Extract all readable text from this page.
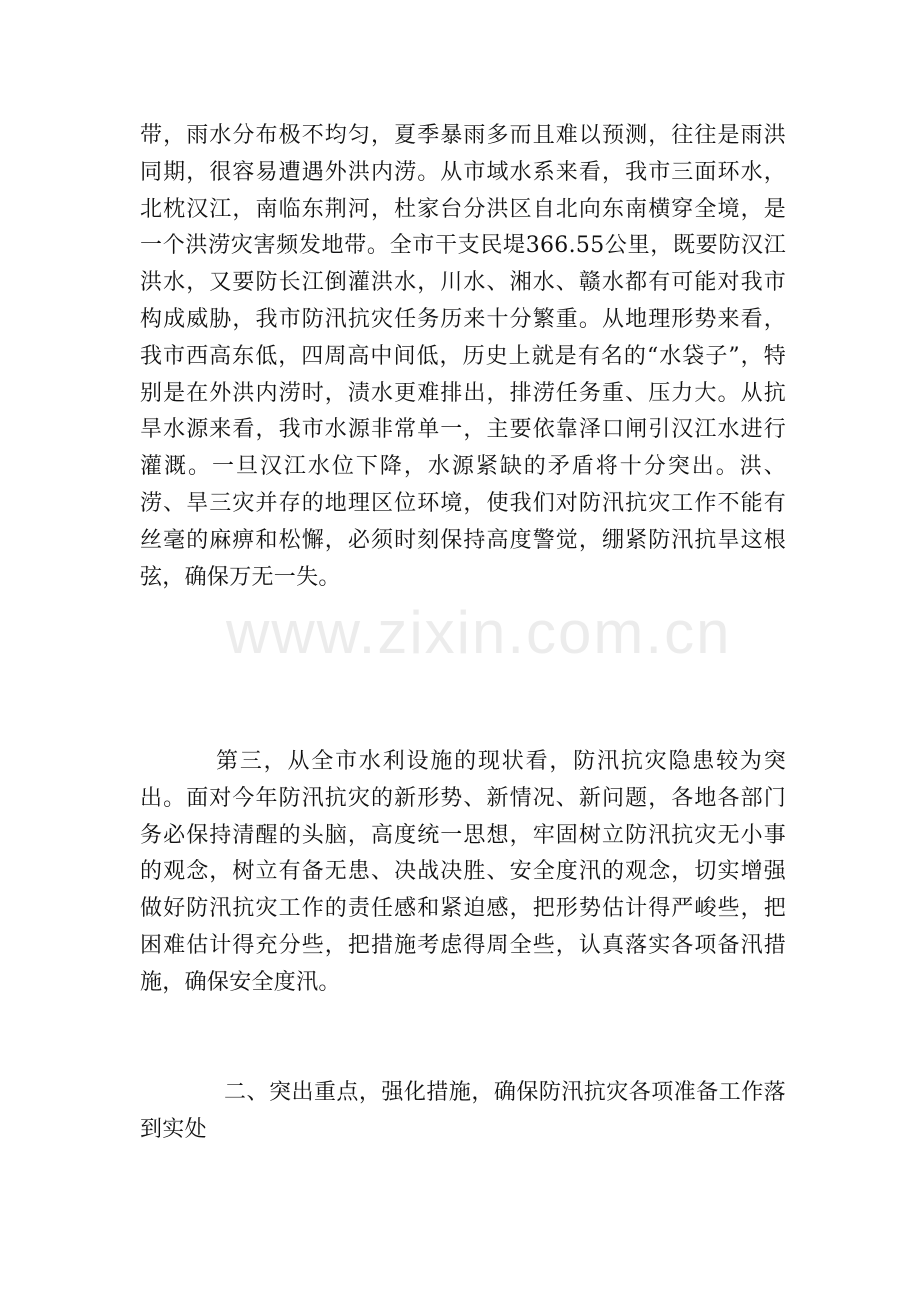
带，雨水分布极不均匀，夏季暴雨多而且难以预测，往往是雨洪同期，很容易遭遇外洪内涝。从市域水系来看，我市三面环水，北枕汉江，南临东荆河，杜家台分洪区自北向东南横穿全境，是一个洪涝灾害频发地带。全市干支民堤366.55公里，既要防汉江洪水，又要防长江倒灌洪水，川水、湘水、赣水都有可能对我市构成威胁，我市防汛抗灾任务历来十分繁重。从地理形势来看，我市西高东低，四周高中间低，历史上就是有名的“水袋子”，特别是在外洪内涝时，渍水更难排出，排涝任务重、压力大。从抗旱水源来看，我市水源非常单一，主要依靠泽口闸引汉江水进行灌溉。一旦汉江水位下降，水源紧缺的矛盾将十分突出。洪、涝、旱三灾并存的地理区位环境，使我们对防汛抗灾工作不能有丝毫的麻痹和松懈，必须时刻保持高度警觉，绷紧防汛抗旱这根弦，确保万无一失。

第三，从全市水利设施的现状看，防汛抗灾隐患较为突出。面对今年防汛抗灾的新形势、新情况、新问题，各地各部门务必保持清醒的头脑，高度统一思想，牢固树立防汛抗灾无小事的观念，树立有备无患、决战决胜、安全度汛的观念，切实增强做好防汛抗灾工作的责任感和紧迫感，把形势估计得严峻些，把困难估计得充分些，把措施考虑得周全些，认真落实各项备汛措施，确保安全度汛。

二、突出重点，强化措施，确保防汛抗灾各项准备工作落到实处

www.zixin.com.cn
